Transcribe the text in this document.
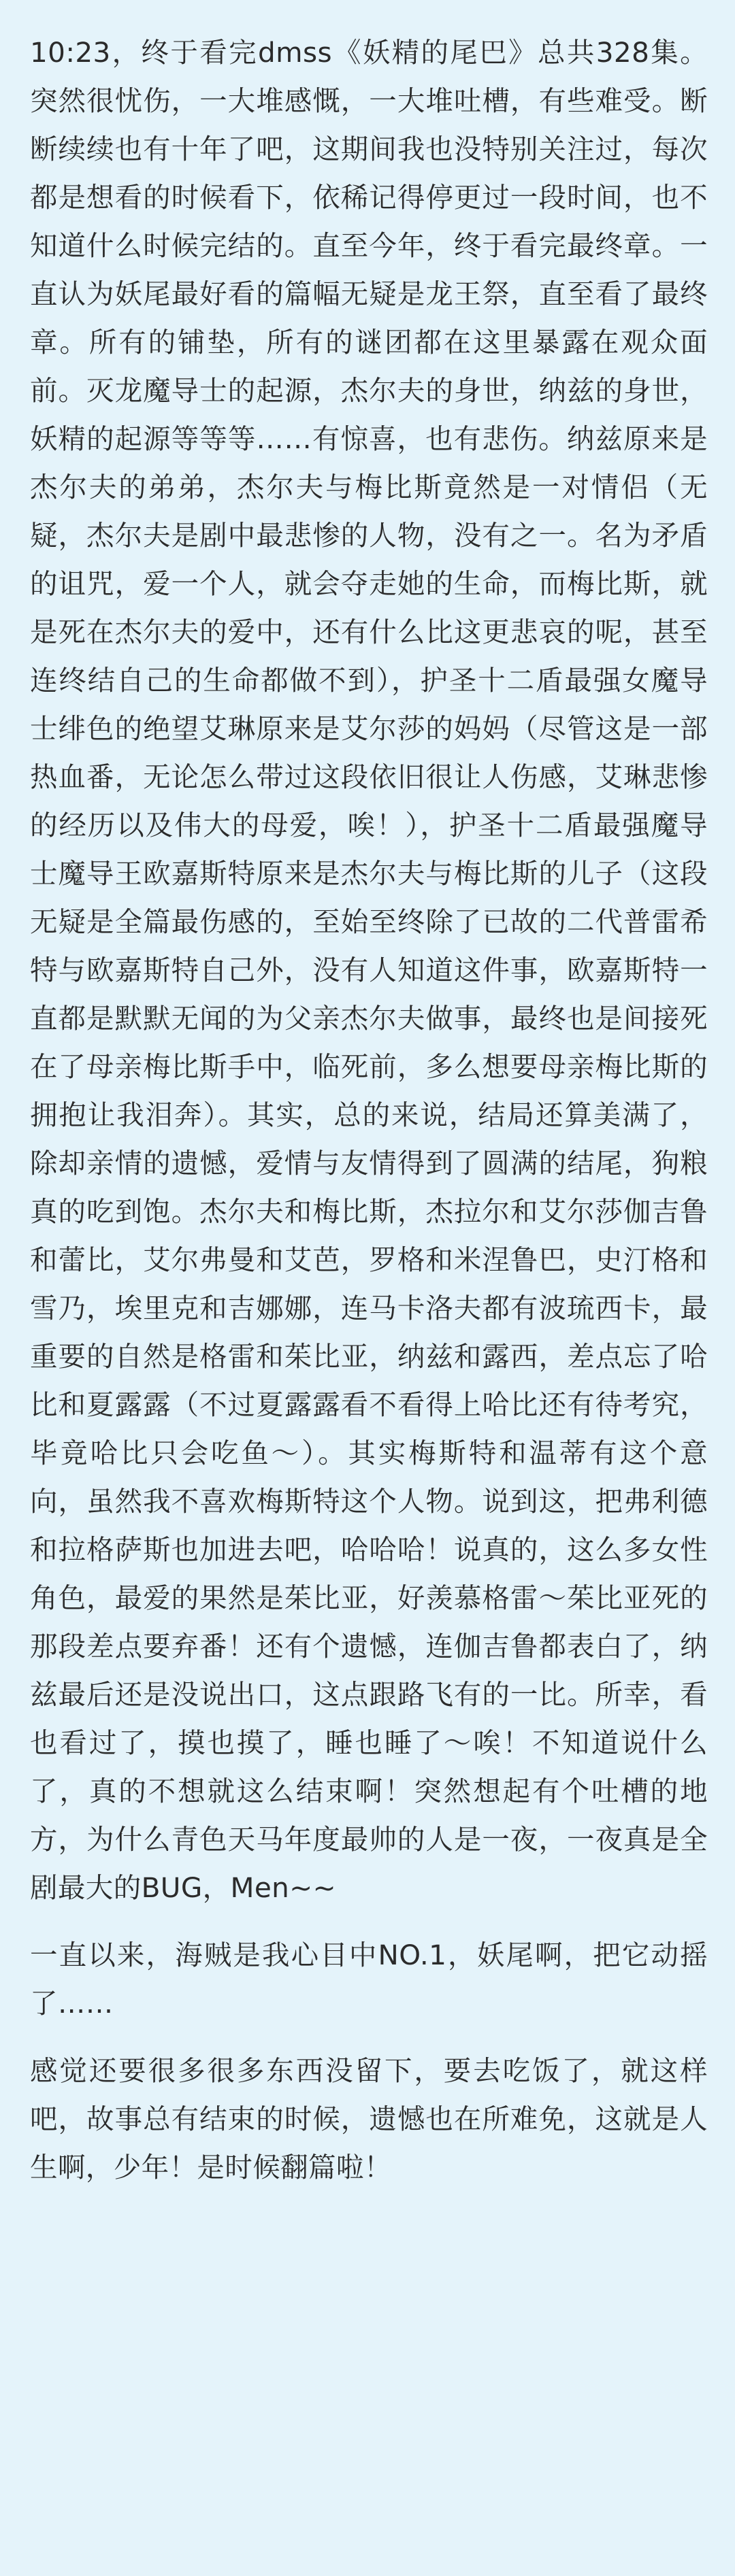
10:23，终于看完dmss《妖精的尾巴》总共328集。突然很忧伤，一大堆感慨，一大堆吐槽，有些难受。断断续续也有十年了吧，这期间我也没特别关注过，每次都是想看的时候看下，依稀记得停更过一段时间，也不知道什么时候完结的。直至今年，终于看完最终章。一直认为妖尾最好看的篇幅无疑是龙王祭，直至看了最终章。所有的铺垫，所有的谜团都在这里暴露在观众面前。灭龙魔导士的起源，杰尔夫的身世，纳兹的身世，妖精的起源等等等……有惊喜，也有悲伤。纳兹原来是杰尔夫的弟弟，杰尔夫与梅比斯竟然是一对情侣（无疑，杰尔夫是剧中最悲惨的人物，没有之一。名为矛盾的诅咒，爱一个人，就会夺走她的生命，而梅比斯，就是死在杰尔夫的爱中，还有什么比这更悲哀的呢，甚至连终结自己的生命都做不到），护圣十二盾最强女魔导士绯色的绝望艾琳原来是艾尔莎的妈妈（尽管这是一部热血番，无论怎么带过这段依旧很让人伤感，艾琳悲惨的经历以及伟大的母爱，唉！），护圣十二盾最强魔导士魔导王欧嘉斯特原来是杰尔夫与梅比斯的儿子（这段无疑是全篇最伤感的，至始至终除了已故的二代普雷希特与欧嘉斯特自己外，没有人知道这件事，欧嘉斯特一直都是默默无闻的为父亲杰尔夫做事，最终也是间接死在了母亲梅比斯手中，临死前，多么想要母亲梅比斯的拥抱让我泪奔）。其实，总的来说，结局还算美满了，除却亲情的遗憾，爱情与友情得到了圆满的结尾，狗粮真的吃到饱。杰尔夫和梅比斯，杰拉尔和艾尔莎伽吉鲁和蕾比，艾尔弗曼和艾芭，罗格和米涅鲁巴，史汀格和雪乃，埃里克和吉娜娜，连马卡洛夫都有波琉西卡，最重要的自然是格雷和茱比亚，纳兹和露西，差点忘了哈比和夏露露（不过夏露露看不看得上哈比还有待考究，毕竟哈比只会吃鱼～）。其实梅斯特和温蒂有这个意向，虽然我不喜欢梅斯特这个人物。说到这，把弗利德和拉格萨斯也加进去吧，哈哈哈！说真的，这么多女性角色，最爱的果然是茱比亚，好羡慕格雷～茱比亚死的那段差点要弃番！还有个遗憾，连伽吉鲁都表白了，纳兹最后还是没说出口，这点跟路飞有的一比。所幸，看也看过了，摸也摸了，睡也睡了～唉！不知道说什么了，真的不想就这么结束啊！突然想起有个吐槽的地方，为什么青色天马年度最帅的人是一夜，一夜真是全剧最大的BUG，Men~~

一直以来，海贼是我心目中NO.1，妖尾啊，把它动摇了……

感觉还要很多很多东西没留下，要去吃饭了，就这样吧，故事总有结束的时候，遗憾也在所难免，这就是人生啊，少年！是时候翻篇啦！
